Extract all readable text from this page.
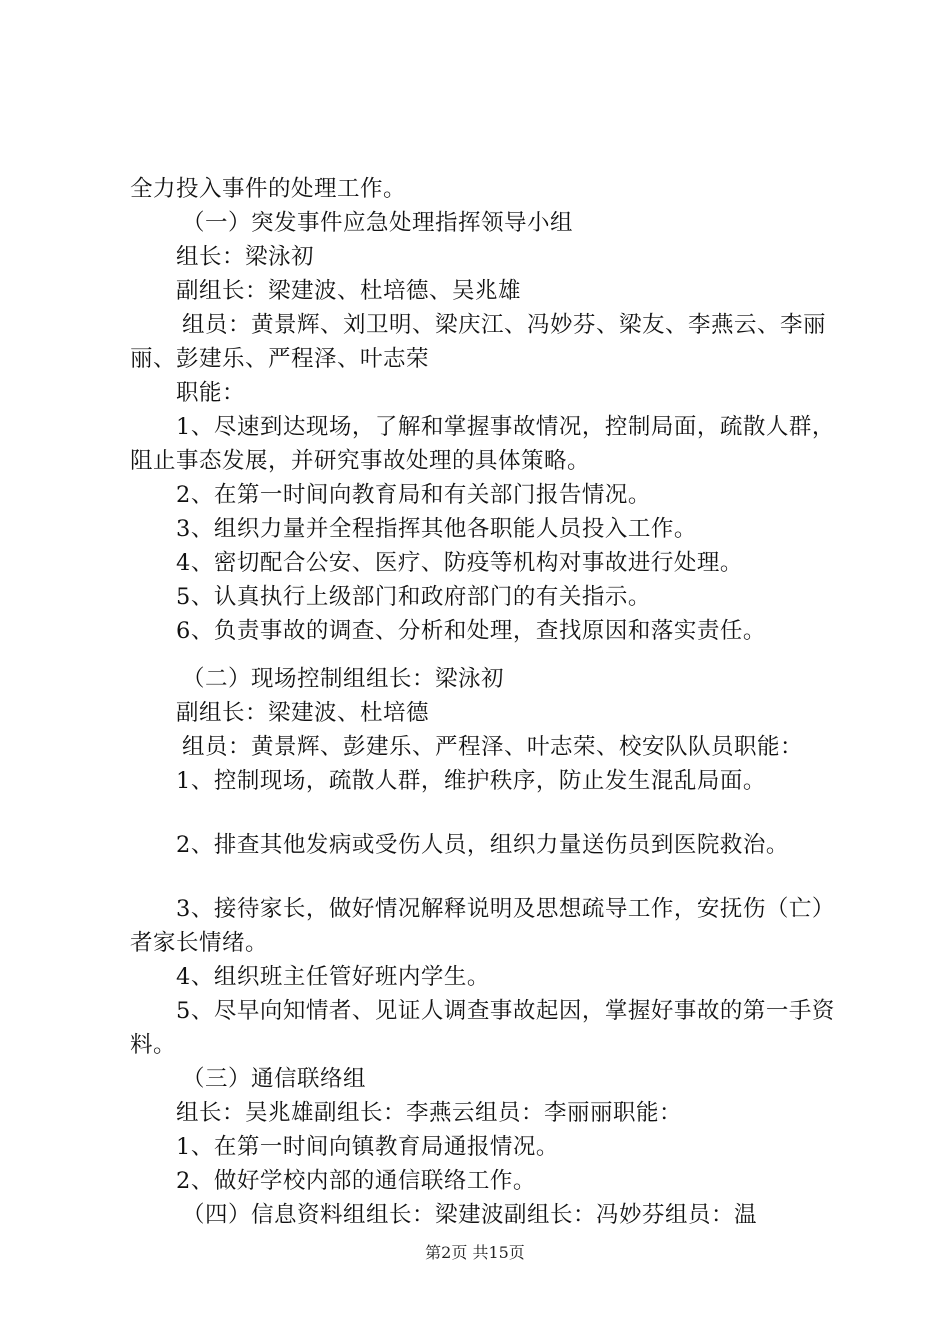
全力投入事件的处理工作。

（一）突发事件应急处理指挥领导小组

组长：梁泳初

副组长：梁建波、杜培德、吴兆雄

组员：黄景辉、刘卫明、梁庆江、冯妙芬、梁友、李燕云、李丽丽、彭建乐、严程泽、叶志荣

职能：

1、尽速到达现场，了解和掌握事故情况，控制局面，疏散人群，阻止事态发展，并研究事故处理的具体策略。

2、在第一时间向教育局和有关部门报告情况。

3、组织力量并全程指挥其他各职能人员投入工作。

4、密切配合公安、医疗、防疫等机构对事故进行处理。

5、认真执行上级部门和政府部门的有关指示。

6、负责事故的调查、分析和处理，查找原因和落实责任。

（二）现场控制组组长：梁泳初

副组长：梁建波、杜培德

组员：黄景辉、彭建乐、严程泽、叶志荣、校安队队员职能：

1、控制现场，疏散人群，维护秩序，防止发生混乱局面。

2、排查其他发病或受伤人员，组织力量送伤员到医院救治。

3、接待家长，做好情况解释说明及思想疏导工作，安抚伤（亡）者家长情绪。

4、组织班主任管好班内学生。

5、尽早向知情者、见证人调查事故起因，掌握好事故的第一手资料。

（三）通信联络组

组长：吴兆雄副组长：李燕云组员：李丽丽职能：

1、在第一时间向镇教育局通报情况。

2、做好学校内部的通信联络工作。

（四）信息资料组组长：梁建波副组长：冯妙芬组员：温

第2页 共15页
